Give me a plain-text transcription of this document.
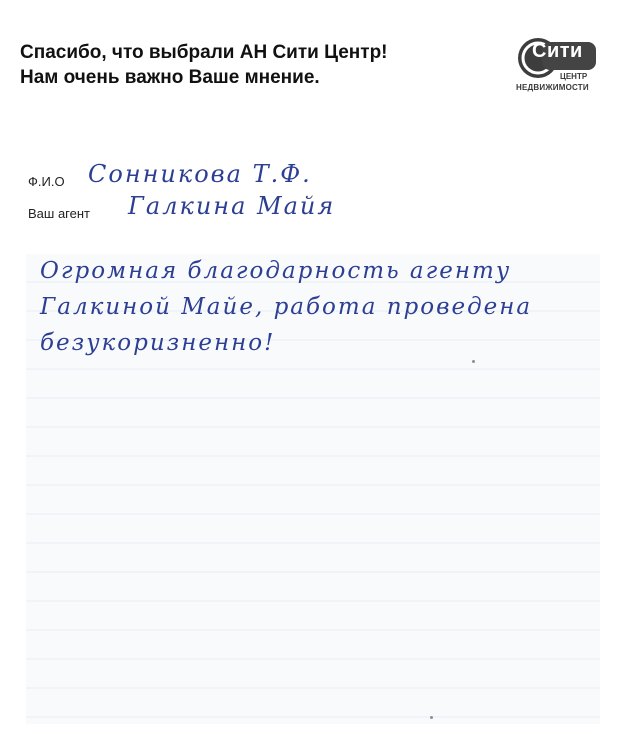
Спасибо, что выбрали АН Сити Центр!
Нам очень важно Ваше мнение.
Сити
ЦЕНТР
НЕДВИЖИМОСТИ
Ф.И.О Сонникова Т.Ф.
Ваш агент Галкина Майя
Огромная благодарность агенту
Галкиной Майе, работа проведена
безукоризненно!
